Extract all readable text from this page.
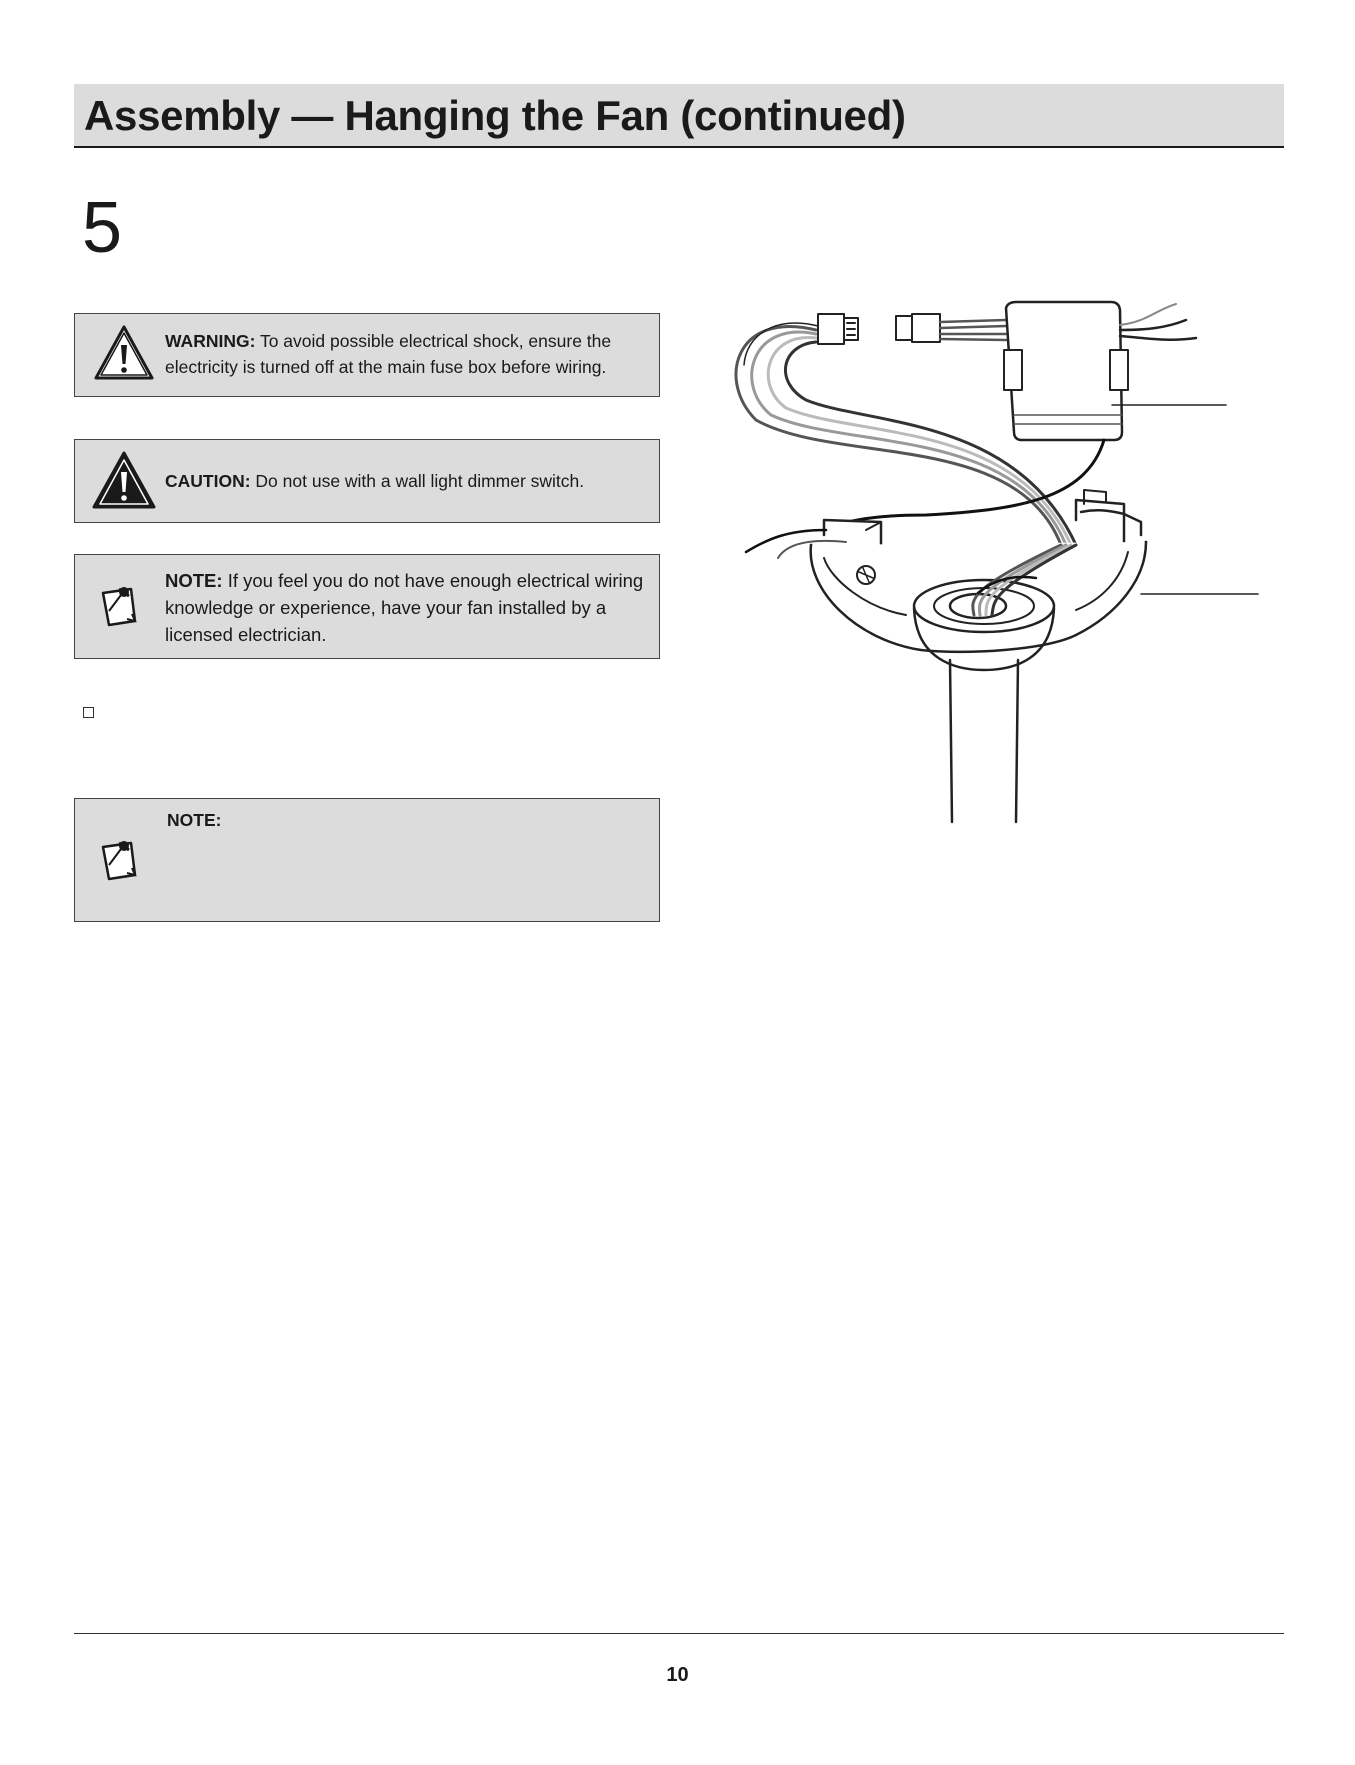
Assembly — Hanging the Fan (continued)
5
WARNING: To avoid possible electrical shock, ensure the electricity is turned off at the main fuse box before wiring.
CAUTION: Do not use with a wall light dimmer switch.
NOTE: If you feel you do not have enough electrical wiring knowledge or experience, have your fan installed by a licensed electrician.
NOTE:
10
